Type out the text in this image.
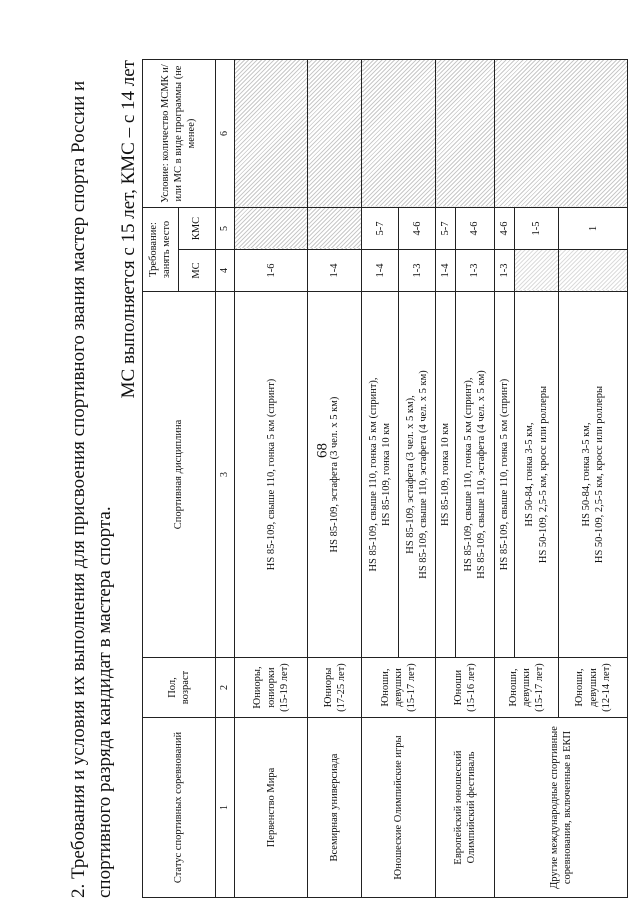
68
2. Требования и условия их выполнения для присвоения спортивного звания мастер спорта России и спортивного разряда кандидат в мастера спорта.
МС выполняется с 15 лет, КМС – с 14 лет
Статус спортивных соревнований	Пол, возраст	Спортивная дисциплина	Требование: занять место		Условие: количество МСМК и/или МС в виде программы (не менее)
			МС	КМС	
1	2	3	4	5	6
Первенство Мира	Юниоры, юниорки (15-19 лет)	HS 85-109, свыше 110, гонка 5 км (спринт)	1-6		
Всемирная универсиада	Юниоры (17-25 лет)	HS 85-109, эстафета (3 чел. х 5 км)	1-4		
Юношеские Олимпийские игры	Юноши, девушки (15-17 лет)	HS 85-109, свыше 110, гонка 5 км (спринт), HS 85-109, гонка 10 км	1-4	5-7	

		HS 85-109, эстафета (3 чел. х 5 км), HS 85-109, свыше 110, эстафета (4 чел. х 5 км)	1-3	4-6	
Европейский юношеский Олимпийский фестиваль	Юноши (15-16 лет)	HS 85-109, гонка 10 км	1-4	5-7	

		HS 85-109, свыше 110, гонка 5 км (спринт), HS 85-109, свыше 110, эстафета (4 чел. х 5 км)	1-3	4-6	
Другие международные спортивные соревнования, включенные в ЕКП	Юноши, девушки (15-17 лет)	HS 85-109, свыше 110, гонка 5 км (спринт)	1-3	4-6	

		HS 50-84, гонка 3-5 км, HS 50-109, 2,5-5 км, кросс или роллеры		1-5	
	Юноши, девушки (12-14 лет)	HS 50-84, гонка 3-5 км, HS 50-109, 2,5-5 км, кросс или роллеры		1	
